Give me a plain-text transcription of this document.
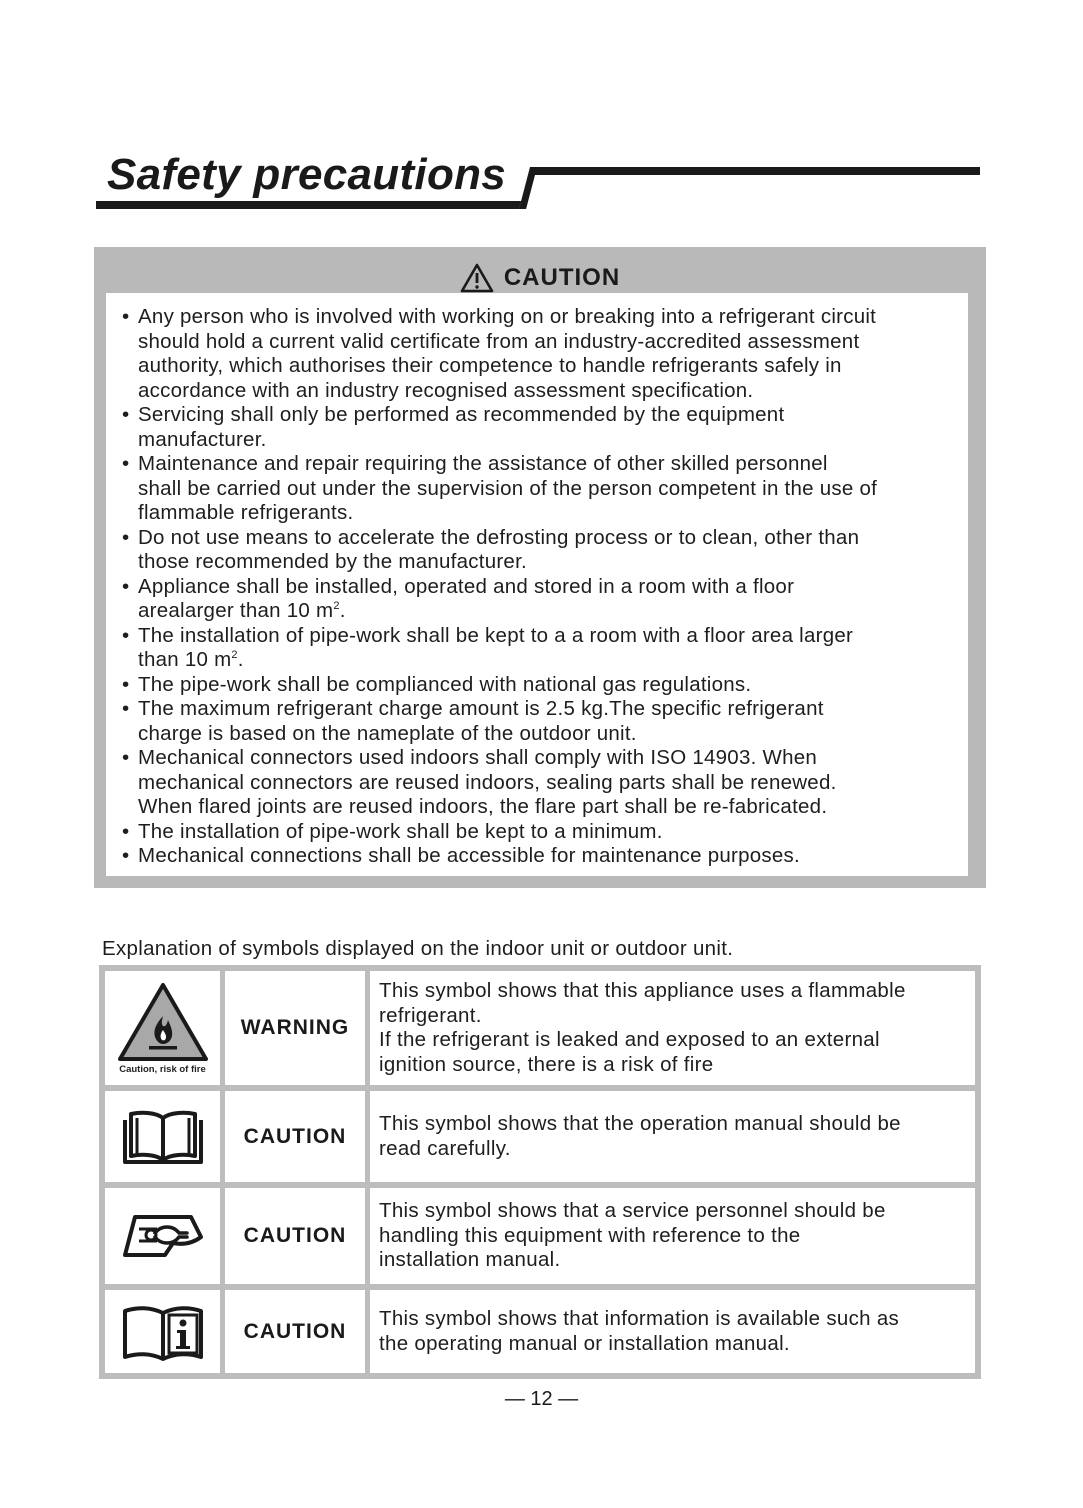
Safety precautions
CAUTION
• Any person who is involved with working on or breaking into a refrigerant circuit
should hold a current valid certificate from an industry-accredited assessment
authority, which authorises their competence to handle refrigerants safely in
accordance with an industry recognised assessment specification.
• Servicing shall only be performed as recommended by the equipment
manufacturer.
• Maintenance and repair requiring the assistance of other skilled personnel
shall be carried out under the supervision of the person competent in the use of
flammable refrigerants.
• Do not use means to accelerate the defrosting process or to clean, other than
those recommended by the manufacturer.
• Appliance shall be installed, operated and stored in a room with a floor
arealarger than 10 $m^2$.
• The installation of pipe-work shall be kept to a a room with a floor area larger
than 10 $m^2$.
• The pipe-work shall be complianced with national gas regulations.
• The maximum refrigerant charge amount is 2.5 kg.The specific refrigerant
charge is based on the nameplate of the outdoor unit.
• Mechanical connectors used indoors shall comply with ISO 14903. When
mechanical connectors are reused indoors, sealing parts shall be renewed.
When flared joints are reused indoors, the flare part shall be re-fabricated.
• The installation of pipe-work shall be kept to a minimum.
• Mechanical connections shall be accessible for maintenance purposes.
Explanation of symbols displayed on the indoor unit or outdoor unit.
Caution, risk of fire
WARNING
This symbol shows that this appliance uses a flammable
refrigerant.
If the refrigerant is leaked and exposed to an external
ignition source, there is a risk of fire
CAUTION
This symbol shows that the operation manual should be
read carefully.
CAUTION
This symbol shows that a service personnel should be
handling this equipment with reference to the
installation manual.
CAUTION
This symbol shows that information is available such as
the operating manual or installation manual.
— 12 —
